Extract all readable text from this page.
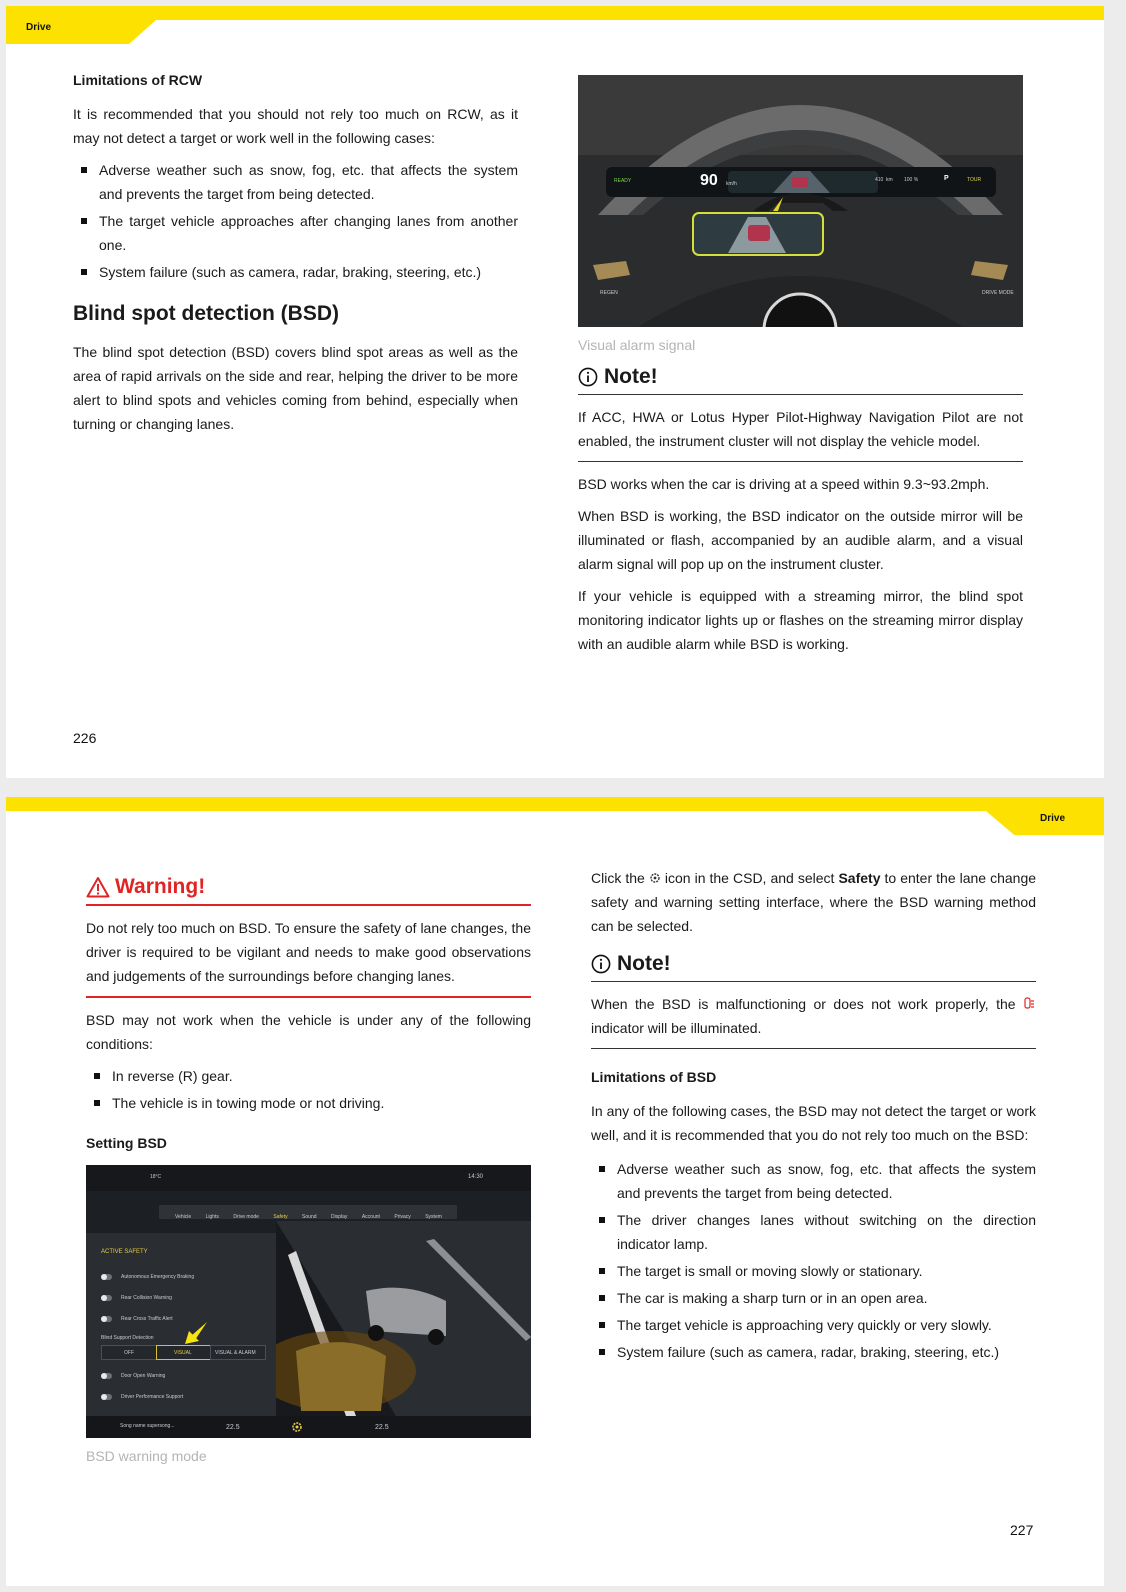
Drive
Limitations of RCW

It is recommended that you should not rely too much on RCW, as it may not detect a target or work well in the following cases:

Adverse weather such as snow, fog, etc. that affects the system and prevents the target from being detected.
The target vehicle approaches after changing lanes from another one.
System failure (such as camera, radar, braking, steering, etc.)
Blind spot detection (BSD)

The blind spot detection (BSD) covers blind spot areas as well as the area of rapid arrivals on the side and rear, helping the driver to be more alert to blind spots and vehicles coming from behind, especially when turning or changing lanes.

READY	90 km/h
410 km 100 %	P	TOUR
REGEN	DRIVE MODE
Visual alarm signal
Note!

If ACC, HWA or Lotus Hyper Pilot-Highway Navigation Pilot are not enabled, the instrument cluster will not display the vehicle model.

BSD works when the car is driving at a speed within 9.3~93.2mph.

When BSD is working, the BSD indicator on the outside mirror will be illuminated or flash, accompanied by an audible alarm, and a visual alarm signal will pop up on the instrument cluster.

If your vehicle is equipped with a streaming mirror, the blind spot monitoring indicator lights up or flashes on the streaming mirror display with an audible alarm while BSD is working.

226
Drive
Warning!

Do not rely too much on BSD. To ensure the safety of lane changes, the driver is required to be vigilant and needs to make good observations and judgements of the surroundings before changing lanes.

BSD may not work when the vehicle is under any of the following conditions:

In reverse (R) gear.
The vehicle is in towing mode or not driving.
Setting BSD
18°C	14:30
Vehicle	Lights	Drive mode	Safety	Sound	Display	Account	Privacy	System
ACTIVE SAFETY
Autonomous Emergency Braking
Rear Collision Warning
Rear Cross Traffic Alert
Blind Support Detection
OFF	VISUAL	VISUAL & ALARM
Door Open Warning
Driver Performance Support
Song name supersong...	22.5	22.5
BSD warning mode

Click the icon in the CSD, and select Safety to enter the lane change safety and warning setting interface, where the BSD warning method can be selected.

Note!

When the BSD is malfunctioning or does not work properly, the  indicator will be illuminated.

Limitations of BSD

In any of the following cases, the BSD may not detect the target or work well, and it is recommended that you do not rely too much on the BSD:

Adverse weather such as snow, fog, etc. that affects the system and prevents the target from being detected.
The driver changes lanes without switching on the direction indicator lamp.
The target is small or moving slowly or stationary.
The car is making a sharp turn or in an open area.
The target vehicle is approaching very quickly or very slowly.
System failure (such as camera, radar, braking, steering, etc.)
227
